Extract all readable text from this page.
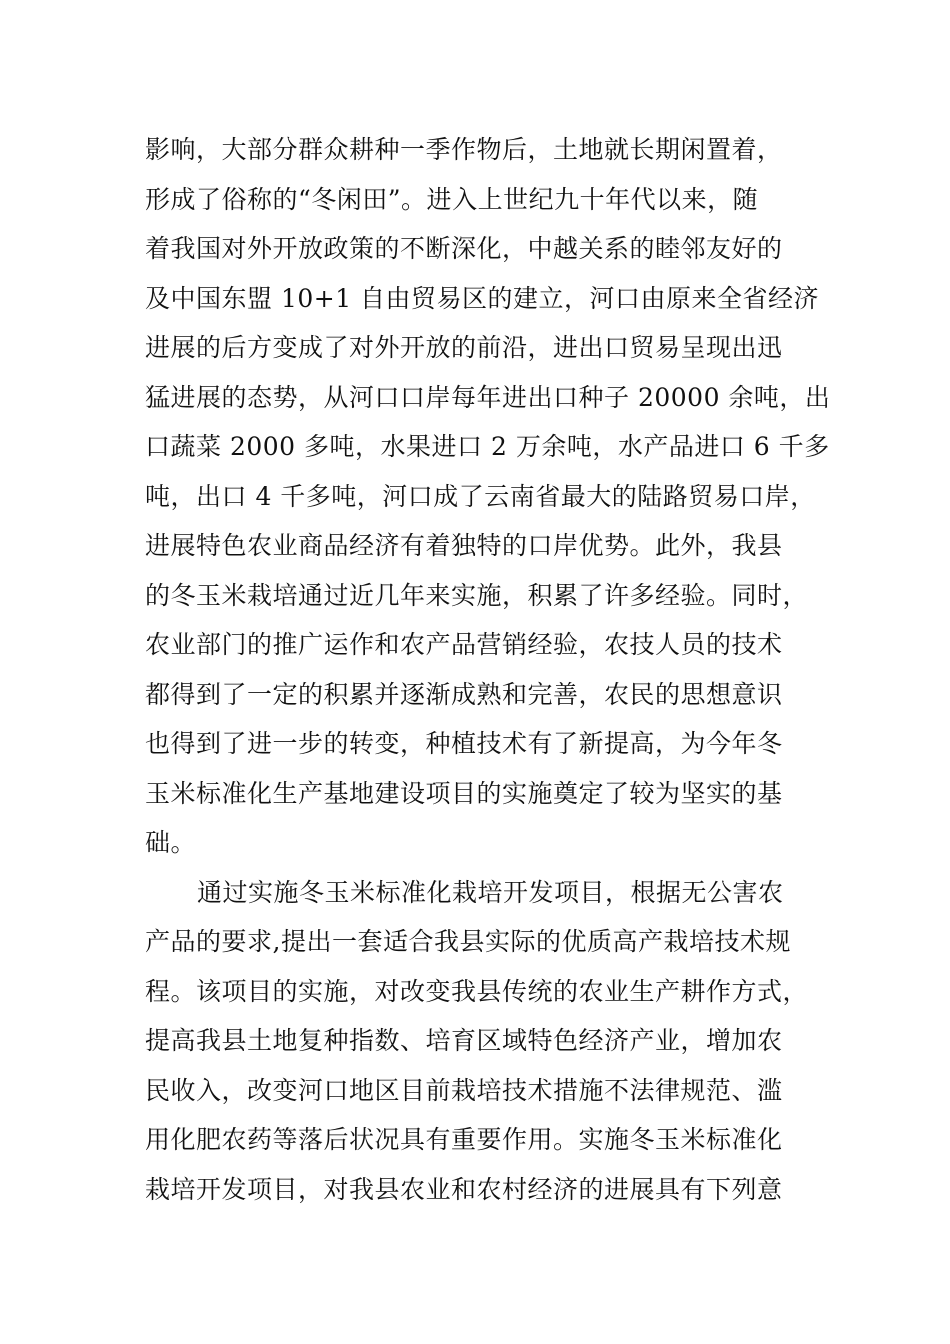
影响，大部分群众耕种一季作物后，土地就长期闲置着，
形成了俗称的“冬闲田”。进入上世纪九十年代以来，随
着我国对外开放政策的不断深化，中越关系的睦邻友好的
及中国东盟 10+1 自由贸易区的建立，河口由原来全省经济
进展的后方变成了对外开放的前沿，进出口贸易呈现出迅
猛进展的态势，从河口口岸每年进出口种子 20000 余吨，出
口蔬菜 2000 多吨，水果进口 2 万余吨，水产品进口 6 千多
吨，出口 4 千多吨，河口成了云南省最大的陆路贸易口岸，
进展特色农业商品经济有着独特的口岸优势。此外，我县
的冬玉米栽培通过近几年来实施，积累了许多经验。同时，
农业部门的推广运作和农产品营销经验，农技人员的技术
都得到了一定的积累并逐渐成熟和完善，农民的思想意识
也得到了进一步的转变，种植技术有了新提高，为今年冬
玉米标准化生产基地建设项目的实施奠定了较为坚实的基
础。
通过实施冬玉米标准化栽培开发项目，根据无公害农
产品的要求,提出一套适合我县实际的优质高产栽培技术规
程。该项目的实施，对改变我县传统的农业生产耕作方式，
提高我县土地复种指数、培育区域特色经济产业，增加农
民收入，改变河口地区目前栽培技术措施不法律规范、滥
用化肥农药等落后状况具有重要作用。实施冬玉米标准化
栽培开发项目，对我县农业和农村经济的进展具有下列意
